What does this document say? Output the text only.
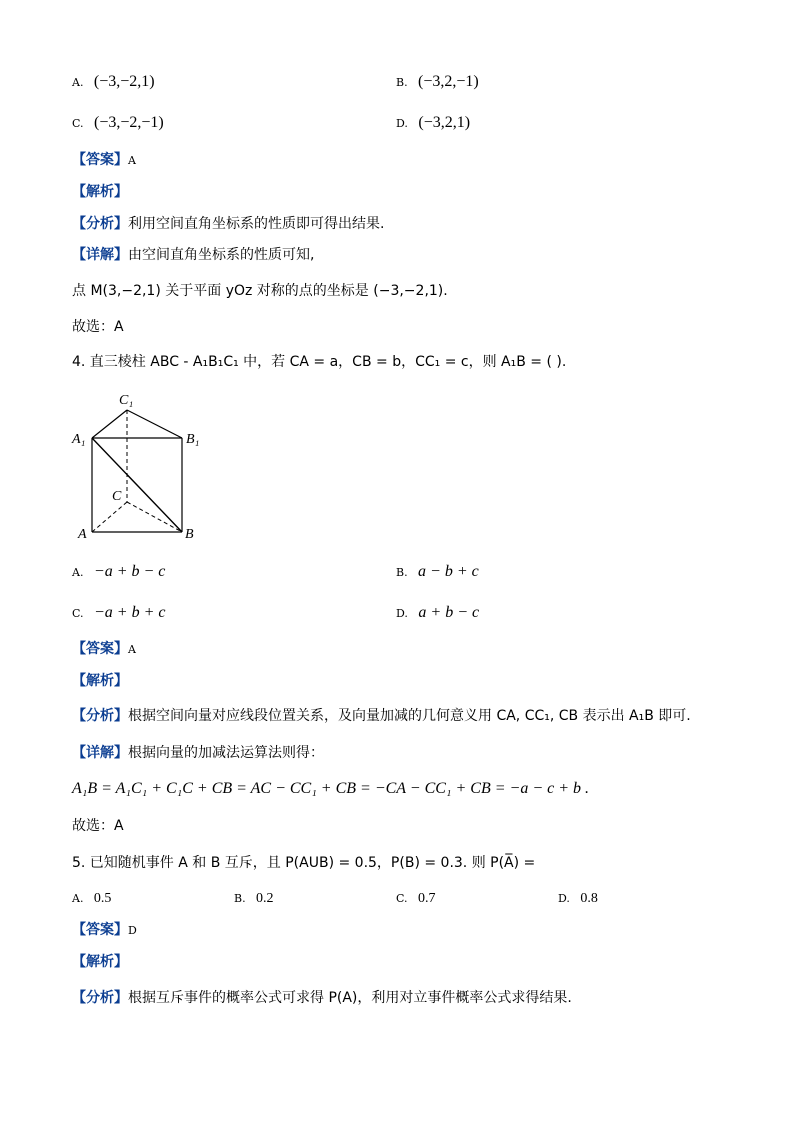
A. (−3,−2,1)	B. (−3,2,−1)
C. (−3,−2,−1)	D. (−3,2,1)
【答案】A
【解析】
【分析】利用空间直角坐标系的性质即可得出结果.
【详解】由空间直角坐标系的性质可知,
点 M(3,−2,1) 关于平面 yOz 对称的点的坐标是 (−3,−2,1).
故选：A
4. 直三棱柱 ABC - A₁B₁C₁ 中，若 CA = a，CB = b，CC₁ = c，则 A₁B = ( ).
C₁
A₁	B₁
C
A	B
A. −a + b − c	B. a − b + c
C. −a + b + c	D. a + b − c
【答案】A
【解析】
【分析】根据空间向量对应线段位置关系，及向量加减的几何意义用 CA, CC₁, CB 表示出 A₁B 即可.
【详解】根据向量的加减法运算法则得：
A₁B = A₁C₁ + C₁C + CB = AC − CC₁ + CB = −CA − CC₁ + CB = −a − c + b .
故选：A
5. 已知随机事件 A 和 B 互斥，且 P(AUB) = 0.5，P(B) = 0.3. 则 P(A̅) =
A. 0.5	B. 0.2	C. 0.7	D. 0.8
【答案】D
【解析】
【分析】根据互斥事件的概率公式可求得 P(A)，利用对立事件概率公式求得结果.
